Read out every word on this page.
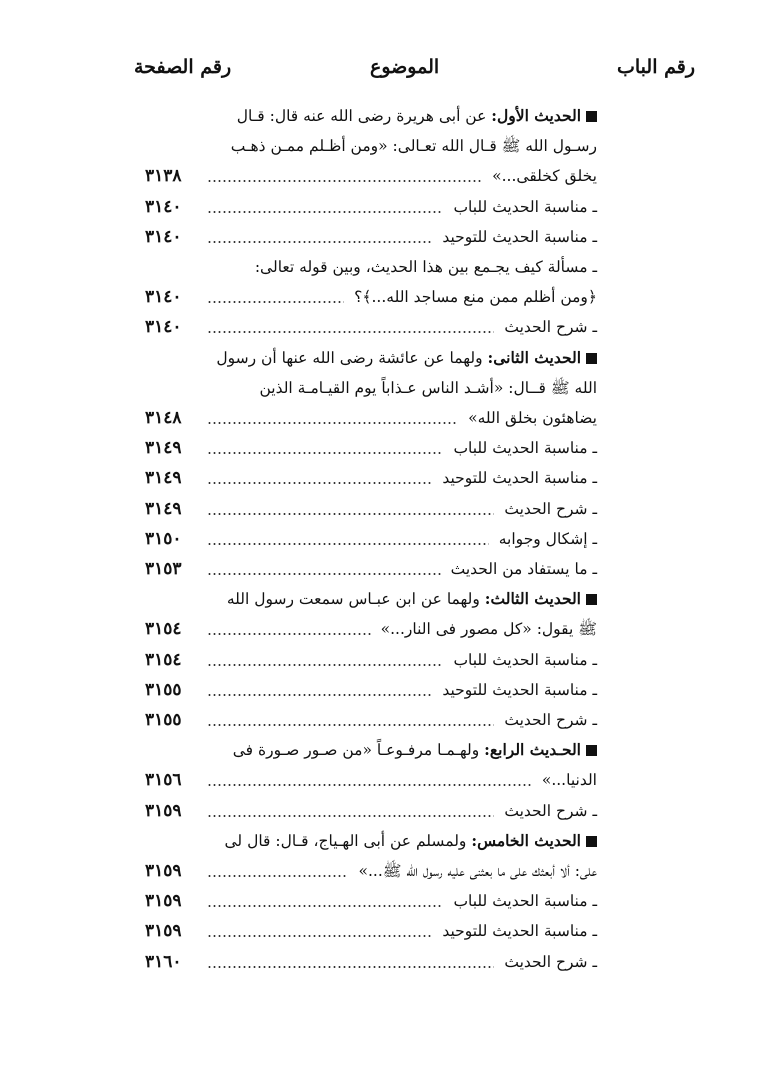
رقم الباب
الموضوع
رقم الصفحة
الحديث الأول: عن أبى هريرة رضى الله عنه قال: قـال
رسـول الله ﷺ قـال الله تعـالى: «ومن أظـلم ممـن ذهـب
يخلق كخلقى...»
٣١٣٨
ـ مناسبة الحديث للباب
٣١٤٠
ـ مناسبة الحديث للتوحيد
٣١٤٠
ـ مسألة كيف يجـمع بين هذا الحديث، وبين قوله تعالى:
﴿ومن أظلم ممن منع مساجد الله...﴾؟
٣١٤٠
ـ شرح الحديث
٣١٤٠
الحديث الثانى: ولهما عن عائشة رضى الله عنها أن رسول
الله ﷺ قــال: «أشـد الناس عـذاباً يوم القيـامـة الذين
يضاهئون بخلق الله»
٣١٤٨
ـ مناسبة الحديث للباب
٣١٤٩
ـ مناسبة الحديث للتوحيد
٣١٤٩
ـ شرح الحديث
٣١٤٩
ـ إشكال وجوابه
٣١٥٠
ـ ما يستفاد من الحديث
٣١٥٣
الحديث الثالث: ولهما عن ابن عبـاس سمعت رسول الله
ﷺ يقول: «كل مصور فى النار...»
٣١٥٤
ـ مناسبة الحديث للباب
٣١٥٤
ـ مناسبة الحديث للتوحيد
٣١٥٥
ـ شرح الحديث
٣١٥٥
الحـديث الرابع: ولهـمـا مرفـوعـاً «من صـور صـورة فى
الدنيا...»
٣١٥٦
ـ شرح الحديث
٣١٥٩
الحديث الخامس: ولمسلم عن أبى الهـياج، قـال: قال لى
على: ألا أبعثك على ما بعثنى عليه رسول الله ﷺ...»
٣١٥٩
ـ مناسبة الحديث للباب
٣١٥٩
ـ مناسبة الحديث للتوحيد
٣١٥٩
ـ شرح الحديث
٣١٦٠
